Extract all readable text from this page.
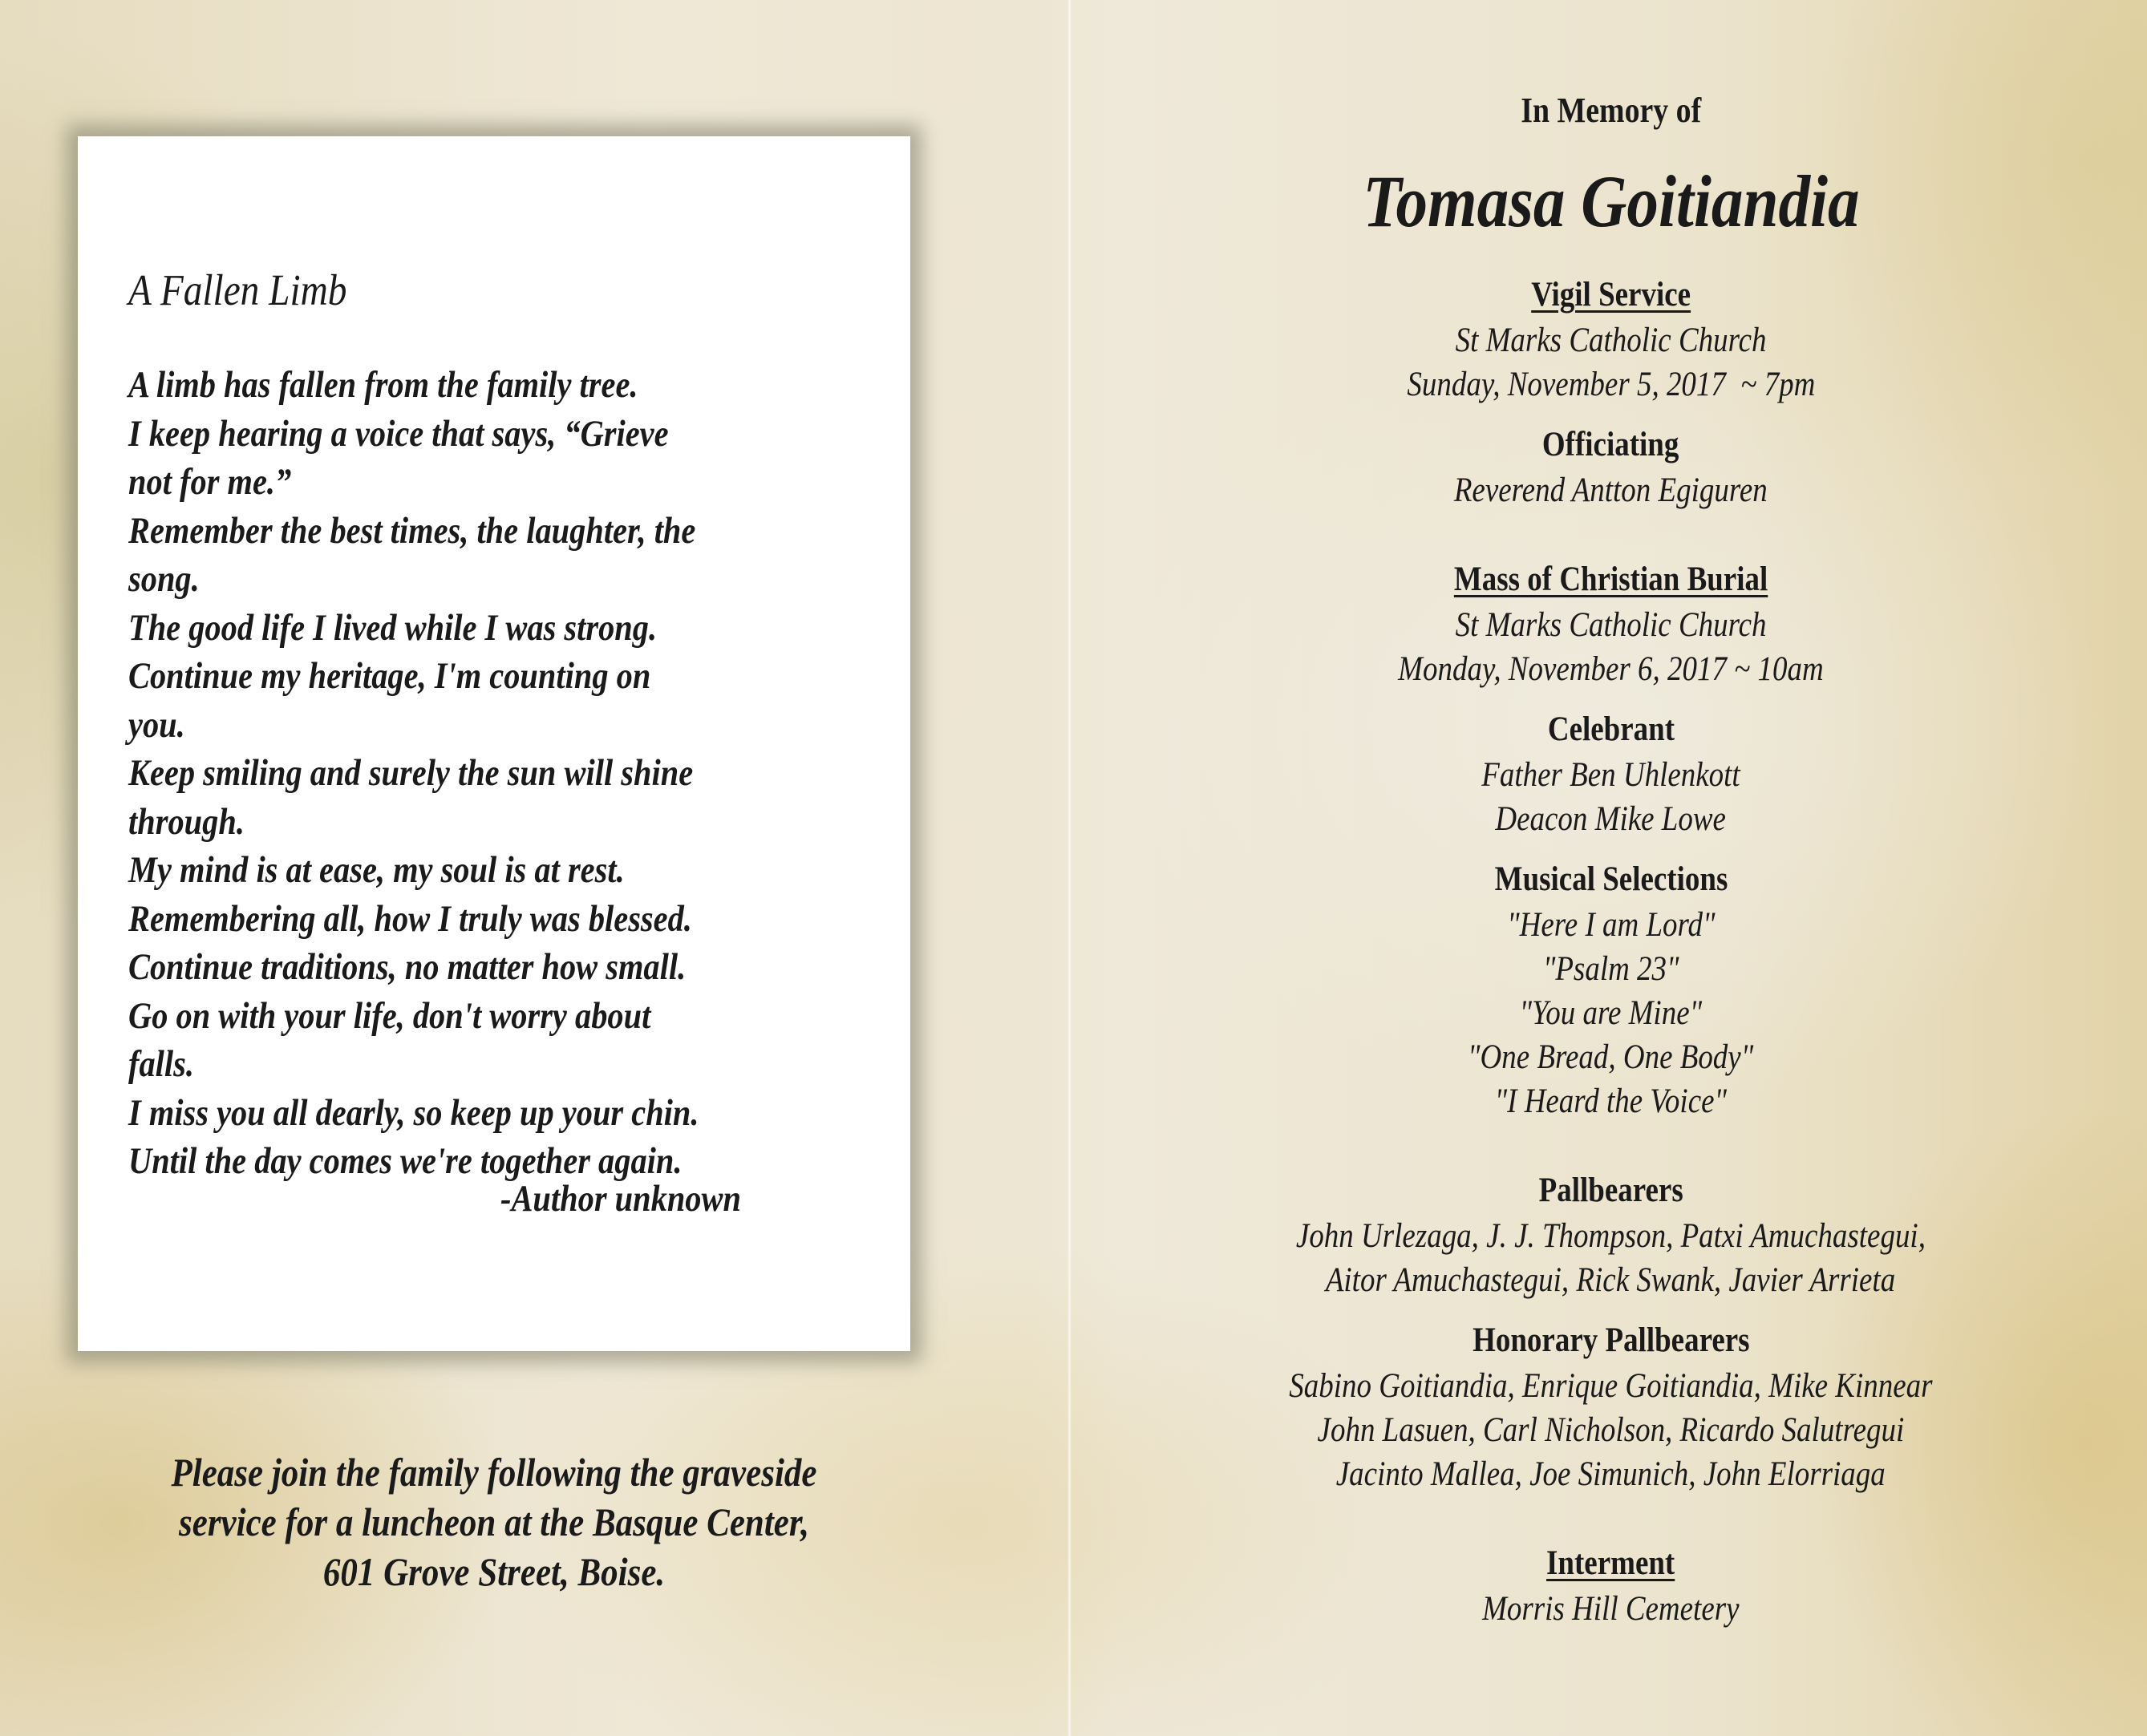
A Fallen Limb
A limb has fallen from the family tree.
I keep hearing a voice that says, “Grieve
not for me.”
Remember the best times, the laughter, the
song.
The good life I lived while I was strong.
Continue my heritage, I'm counting on
you.
Keep smiling and surely the sun will shine
through.
My mind is at ease, my soul is at rest.
Remembering all, how I truly was blessed.
Continue traditions, no matter how small.
Go on with your life, don't worry about
falls.
I miss you all dearly, so keep up your chin.
Until the day comes we're together again.
-Author unknown
Please join the family following the graveside
service for a luncheon at the Basque Center,
601 Grove Street, Boise.
In Memory of
Tomasa Goitiandia
Vigil Service
St Marks Catholic Church
Sunday, November 5, 2017  ~ 7pm
Officiating
Reverend Antton Egiguren
Mass of Christian Burial
St Marks Catholic Church
Monday, November 6, 2017 ~ 10am
Celebrant
Father Ben Uhlenkott
Deacon Mike Lowe
Musical Selections
"Here I am Lord"
"Psalm 23"
"You are Mine"
"One Bread, One Body"
"I Heard the Voice"
Pallbearers
John Urlezaga, J. J. Thompson, Patxi Amuchastegui,
Aitor Amuchastegui, Rick Swank, Javier Arrieta
Honorary Pallbearers
Sabino Goitiandia, Enrique Goitiandia, Mike Kinnear
John Lasuen, Carl Nicholson, Ricardo Salutregui
Jacinto Mallea, Joe Simunich, John Elorriaga
Interment
Morris Hill Cemetery
